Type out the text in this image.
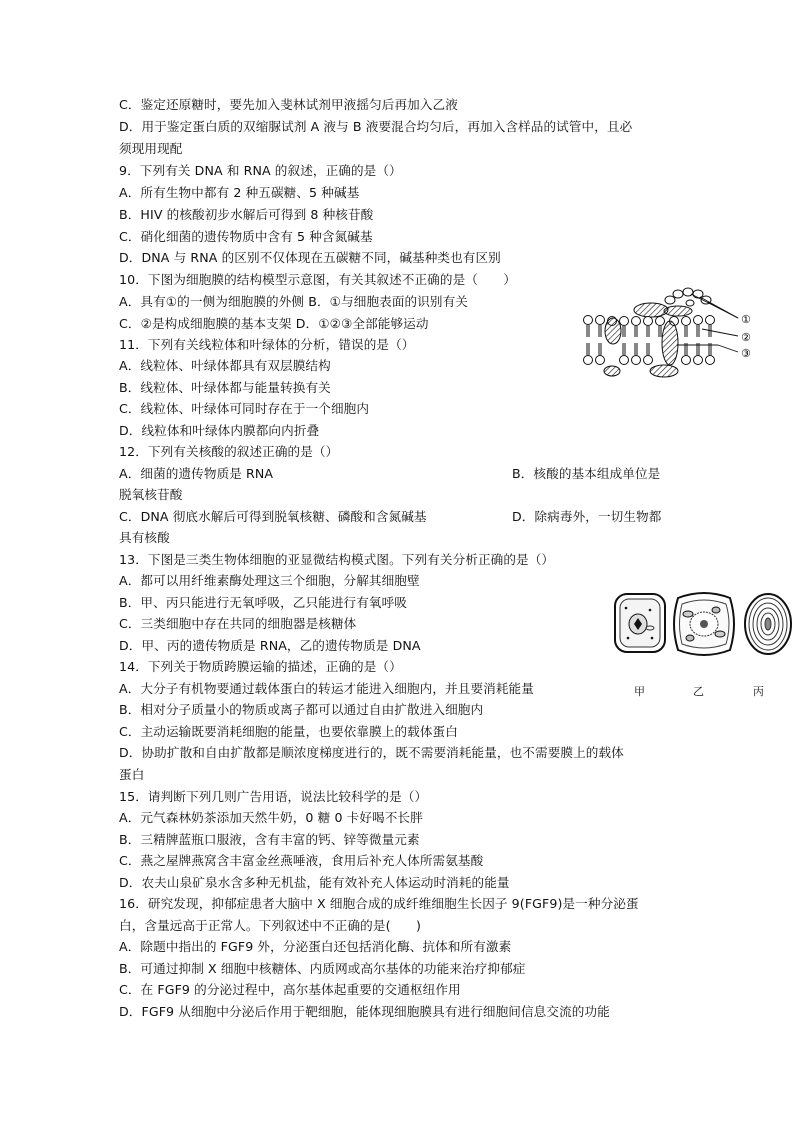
C．鉴定还原糖时，要先加入斐林试剂甲液摇匀后再加入乙液
D．用于鉴定蛋白质的双缩脲试剂 A 液与 B 液要混合均匀后，再加入含样品的试管中，且必
须现用现配
9．下列有关 DNA 和 RNA 的叙述，正确的是（）
A．所有生物中都有 2 种五碳糖、5 种碱基
B．HIV 的核酸初步水解后可得到 8 种核苷酸
C．硝化细菌的遗传物质中含有 5 种含氮碱基
D．DNA 与 RNA 的区别不仅体现在五碳糖不同，碱基种类也有区别
10．下图为细胞膜的结构模型示意图，有关其叙述不正确的是（　　）
A．具有①的一侧为细胞膜的外侧 B．①与细胞表面的识别有关
C．②是构成细胞膜的基本支架 D．①②③全部能够运动	①
②
③
11．下列有关线粒体和叶绿体的分析，错误的是（）
A．线粒体、叶绿体都具有双层膜结构
B．线粒体、叶绿体都与能量转换有关
C．线粒体、叶绿体可同时存在于一个细胞内
D．线粒体和叶绿体内膜都向内折叠
12．下列有关核酸的叙述正确的是（）
A．细菌的遗传物质是 RNA	B．核酸的基本组成单位是
脱氧核苷酸
C．DNA 彻底水解后可得到脱氧核糖、磷酸和含氮碱基	D．除病毒外，一切生物都
具有核酸
13．下图是三类生物体细胞的亚显微结构模式图。下列有关分析正确的是（）
A．都可以用纤维素酶处理这三个细胞，分解其细胞壁
B．甲、丙只能进行无氧呼吸，乙只能进行有氧呼吸
C．三类细胞中存在共同的细胞器是核糖体
D．甲、丙的遗传物质是 RNA，乙的遗传物质是 DNA
甲	乙	丙
14．下列关于物质跨膜运输的描述，正确的是（）
A．大分子有机物要通过载体蛋白的转运才能进入细胞内，并且要消耗能量
B．相对分子质量小的物质或离子都可以通过自由扩散进入细胞内
C．主动运输既要消耗细胞的能量，也要依靠膜上的载体蛋白
D．协助扩散和自由扩散都是顺浓度梯度进行的，既不需要消耗能量，也不需要膜上的载体
蛋白
15．请判断下列几则广告用语，说法比较科学的是（）
A．元气森林奶茶添加天然牛奶，0 糖 0 卡好喝不长胖
B．三精牌蓝瓶口服液，含有丰富的钙、锌等微量元素
C．燕之屋牌燕窝含丰富金丝燕唾液，食用后补充人体所需氨基酸
D．农夫山泉矿泉水含多种无机盐，能有效补充人体运动时消耗的能量
16．研究发现，抑郁症患者大脑中 X 细胞合成的成纤维细胞生长因子 9(FGF9)是一种分泌蛋
白，含量远高于正常人。下列叙述中不正确的是(　　)
A．除题中指出的 FGF9 外，分泌蛋白还包括消化酶、抗体和所有激素
B．可通过抑制 X 细胞中核糖体、内质网或高尔基体的功能来治疗抑郁症
C．在 FGF9 的分泌过程中，高尔基体起重要的交通枢纽作用
D．FGF9 从细胞中分泌后作用于靶细胞，能体现细胞膜具有进行细胞间信息交流的功能
